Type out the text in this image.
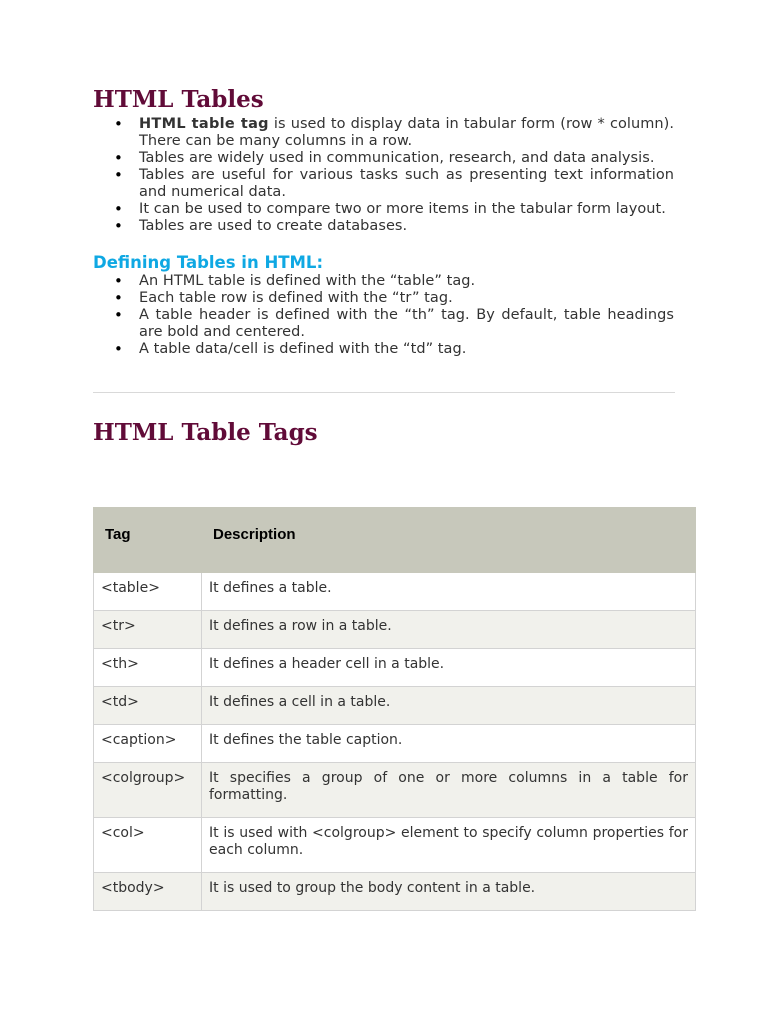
HTML Tables
• HTML table tag is used to display data in tabular form (row * column). There can be many columns in a row.
• Tables are widely used in communication, research, and data analysis.
• Tables are useful for various tasks such as presenting text information and numerical data.
• It can be used to compare two or more items in the tabular form layout.
• Tables are used to create databases.
Defining Tables in HTML:
• An HTML table is defined with the “table” tag.
• Each table row is defined with the “tr” tag.
• A table header is defined with the “th” tag. By default, table headings are bold and centered.
• A table data/cell is defined with the “td” tag.
HTML Table Tags
Tag	Description
<table>	It defines a table.
<tr>	It defines a row in a table.
<th>	It defines a header cell in a table.
<td>	It defines a cell in a table.
<caption>	It defines the table caption.
<colgroup>	It specifies a group of one or more columns in a table for formatting.
<col>	It is used with <colgroup> element to specify column properties for each column.
<tbody>	It is used to group the body content in a table.
